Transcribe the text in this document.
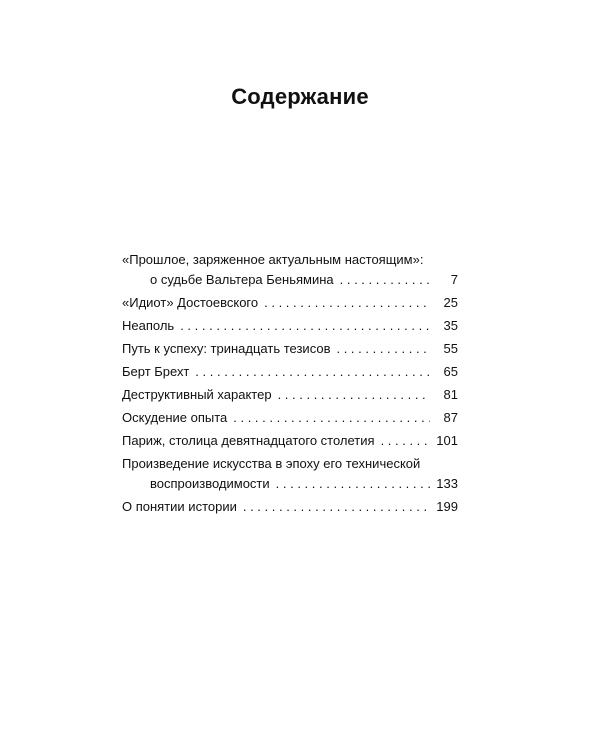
Содержание
«Прошлое, заряженное актуальным настоящим»:
о судьбе Вальтера Беньямина . . .	7
«Идиот» Достоевского . . .	25
Неаполь . . .	35
Путь к успеху: тринадцать тезисов . . .	55
Берт Брехт . . .	65
Деструктивный характер . . .	81
Оскудение опыта . . .	87
Париж, столица девятнадцатого столетия . . .	101
Произведение искусства в эпоху его технической
воспроизводимости . . .	133
О понятии истории . . .	199
